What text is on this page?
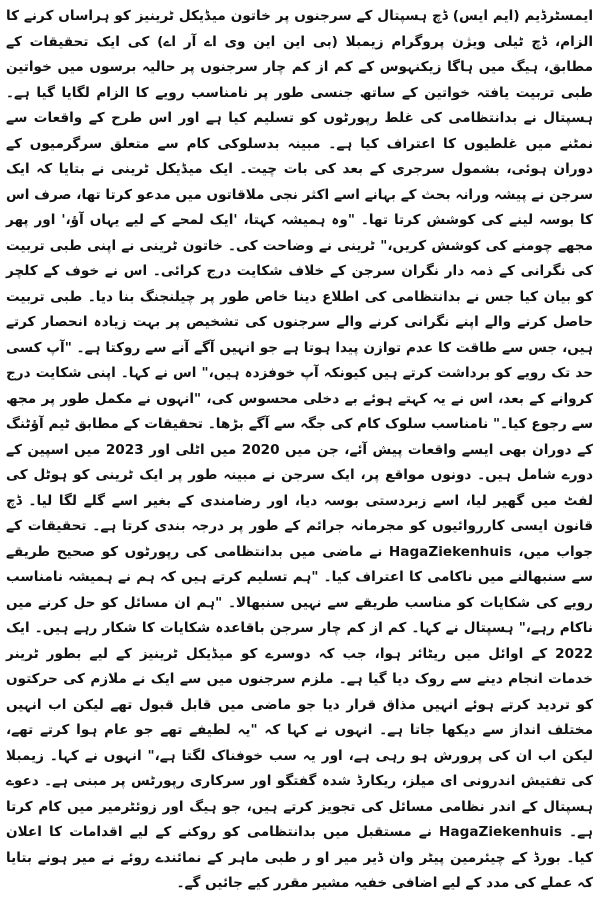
ایمسٹرڈیم (ایم ایس) ڈچ ہسپتال کے سرجنوں پر خاتون میڈیکل ٹرینیز کو ہراساں کرنے کا الزام، ڈچ ٹیلی ویژن پروگرام زیمبلا (بی این این وی اے آر اے) کی ایک تحقیقات کے مطابق، ہیگ میں ہاگا زیکنہوس کے کم از کم چار سرجنوں پر حالیہ برسوں میں خواتین طبی تربیت یافتہ خواتین کے ساتھ جنسی طور پر نامناسب رویے کا الزام لگایا گیا ہے۔ ہسپتال نے بدانتظامی کی غلط رپورٹوں کو تسلیم کیا ہے اور اس طرح کے واقعات سے نمٹنے میں غلطیوں کا اعتراف کیا ہے۔ مبینہ بدسلوکی کام سے متعلق سرگرمیوں کے دوران ہوئی، بشمول سرجری کے بعد کی بات چیت۔ ایک میڈیکل ٹرینی نے بتایا کہ ایک سرجن نے پیشہ ورانہ بحث کے بہانے اسے اکثر نجی ملاقاتوں میں مدعو کرتا تھا، صرف اس کا بوسہ لینے کی کوشش کرتا تھا۔ "وہ ہمیشہ کہتا، 'ایک لمحے کے لیے یہاں آؤ،' اور پھر مجھے چومنے کی کوشش کریں،" ٹرینی نے وضاحت کی۔ خاتون ٹرینی نے اپنی طبی تربیت کی نگرانی کے ذمہ دار نگران سرجن کے خلاف شکایت درج کرائی۔ اس نے خوف کے کلچر کو بیان کیا جس نے بدانتظامی کی اطلاع دینا خاص طور پر چیلنجنگ بنا دیا۔ طبی تربیت حاصل کرنے والے اپنے نگرانی کرنے والے سرجنوں کی تشخیص پر بہت زیادہ انحصار کرتے ہیں، جس سے طاقت کا عدم توازن پیدا ہوتا ہے جو انہیں آگے آنے سے روکتا ہے۔ "آپ کسی حد تک رویے کو برداشت کرتے ہیں کیونکہ آپ خوفزدہ ہیں،" اس نے کہا۔ اپنی شکایت درج کروانے کے بعد، اس نے یہ کہتے ہوئے بے دخلی محسوس کی، "انہوں نے مکمل طور پر مجھ سے رجوع کیا۔" نامناسب سلوک کام کی جگہ سے آگے بڑھا۔ تحقیقات کے مطابق ٹیم آؤٹنگ کے دوران بھی ایسے واقعات پیش آئے، جن میں 2020 میں اٹلی اور 2023 میں اسپین کے دورے شامل ہیں۔ دونوں مواقع پر، ایک سرجن نے مبینہ طور پر ایک ٹرینی کو ہوٹل کی لفٹ میں گھیر لیا، اسے زبردستی بوسہ دیا، اور رضامندی کے بغیر اسے گلے لگا لیا۔ ڈچ قانون ایسی کارروائیوں کو مجرمانہ جرائم کے طور پر درجہ بندی کرتا ہے۔ تحقیقات کے جواب میں، HagaZiekenhuis نے ماضی میں بدانتظامی کی رپورٹوں کو صحیح طریقے سے سنبھالنے میں ناکامی کا اعتراف کیا۔ "ہم تسلیم کرتے ہیں کہ ہم نے ہمیشہ نامناسب رویے کی شکایات کو مناسب طریقے سے نہیں سنبھالا۔ "ہم ان مسائل کو حل کرنے میں ناکام رہے،" ہسپتال نے کہا۔ کم از کم چار سرجن باقاعدہ شکایات کا شکار رہے ہیں۔ ایک 2022 کے اوائل میں ریٹائر ہوا، جب کہ دوسرے کو میڈیکل ٹرینیز کے لیے بطور ٹرینر خدمات انجام دینے سے روک دیا گیا ہے۔ ملزم سرجنوں میں سے ایک نے ملازم کی حرکتوں کو تردید کرتے ہوئے انہیں مذاق قرار دیا جو ماضی میں قابل قبول تھے لیکن اب انہیں مختلف انداز سے دیکھا جاتا ہے۔ انہوں نے کہا کہ "یہ لطیفے تھے جو عام ہوا کرتے تھے، لیکن اب ان کی پرورش ہو رہی ہے، اور یہ سب خوفناک لگتا ہے،" انہوں نے کہا۔ زیمبلا کی تفتیش اندرونی ای میلز، ریکارڈ شدہ گفتگو اور سرکاری رپورٹس پر مبنی ہے۔ دعوے ہسپتال کے اندر نظامی مسائل کی تجویز کرتے ہیں، جو ہیگ اور زوئٹرمیر میں کام کرتا ہے۔ HagaZiekenhuis نے مستقبل میں بدانتظامی کو روکنے کے لیے اقدامات کا اعلان کیا۔ بورڈ کے چیئرمین پیٹر وان ڈیر میر او ر طبی ماہر کے نمائندے روئے نے میر ہونے بتایا کہ عملے کی مدد کے لیے اضافی خفیہ مشیر مقرر کیے جائیں گے۔
